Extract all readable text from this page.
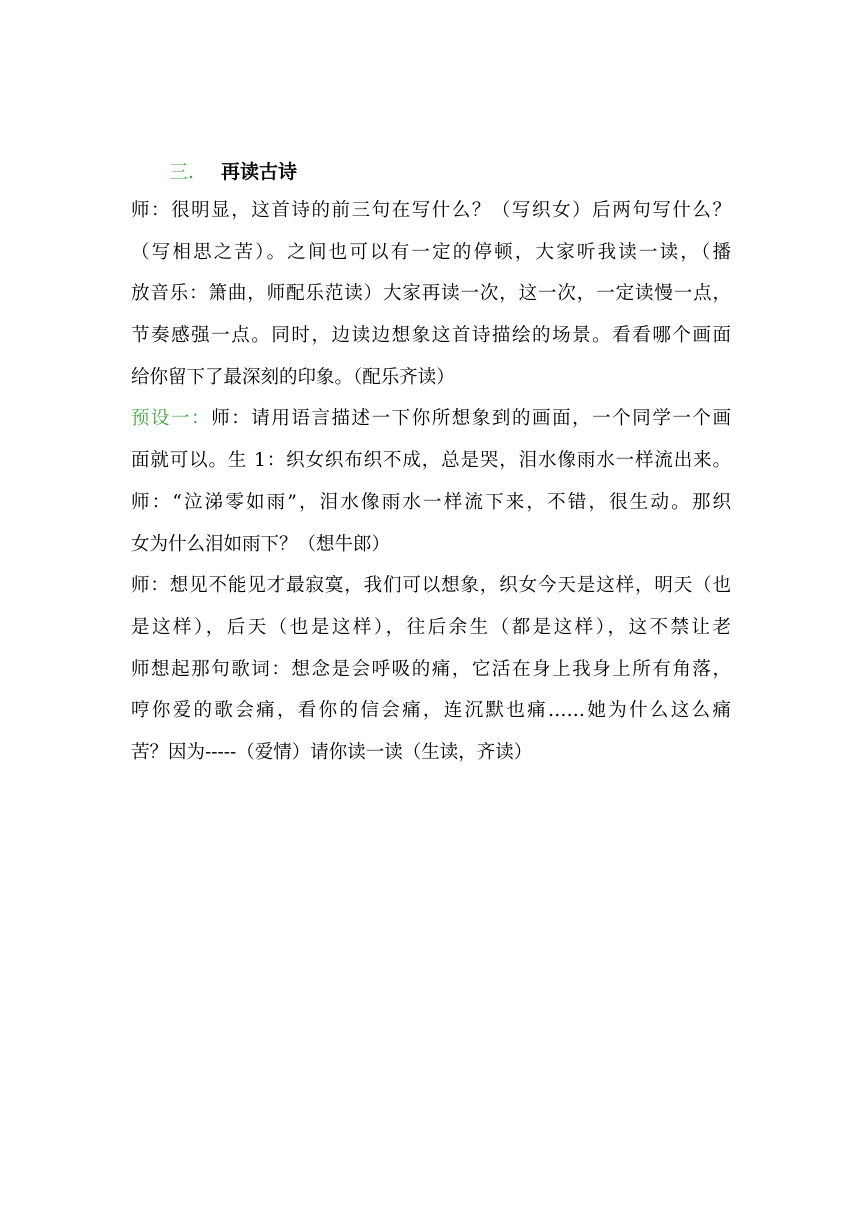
三. 再读古诗
师：很明显，这首诗的前三句在写什么？（写织女）后两句写什么？
（写相思之苦）。之间也可以有一定的停顿，大家听我读一读，（播
放音乐：箫曲，师配乐范读）大家再读一次，这一次，一定读慢一点，
节奏感强一点。同时，边读边想象这首诗描绘的场景。看看哪个画面
给你留下了最深刻的印象。（配乐齐读）
预设一：师：请用语言描述一下你所想象到的画面，一个同学一个画
面就可以。生 1：织女织布织不成，总是哭，泪水像雨水一样流出来。
师：“泣涕零如雨”，泪水像雨水一样流下来，不错，很生动。那织
女为什么泪如雨下？（想牛郎）
师：想见不能见才最寂寞，我们可以想象，织女今天是这样，明天（也
是这样），后天（也是这样），往后余生（都是这样），这不禁让老
师想起那句歌词：想念是会呼吸的痛，它活在身上我身上所有角落，
哼你爱的歌会痛，看你的信会痛，连沉默也痛……她为什么这么痛
苦？因为-----（爱情）请你读一读（生读，齐读）
